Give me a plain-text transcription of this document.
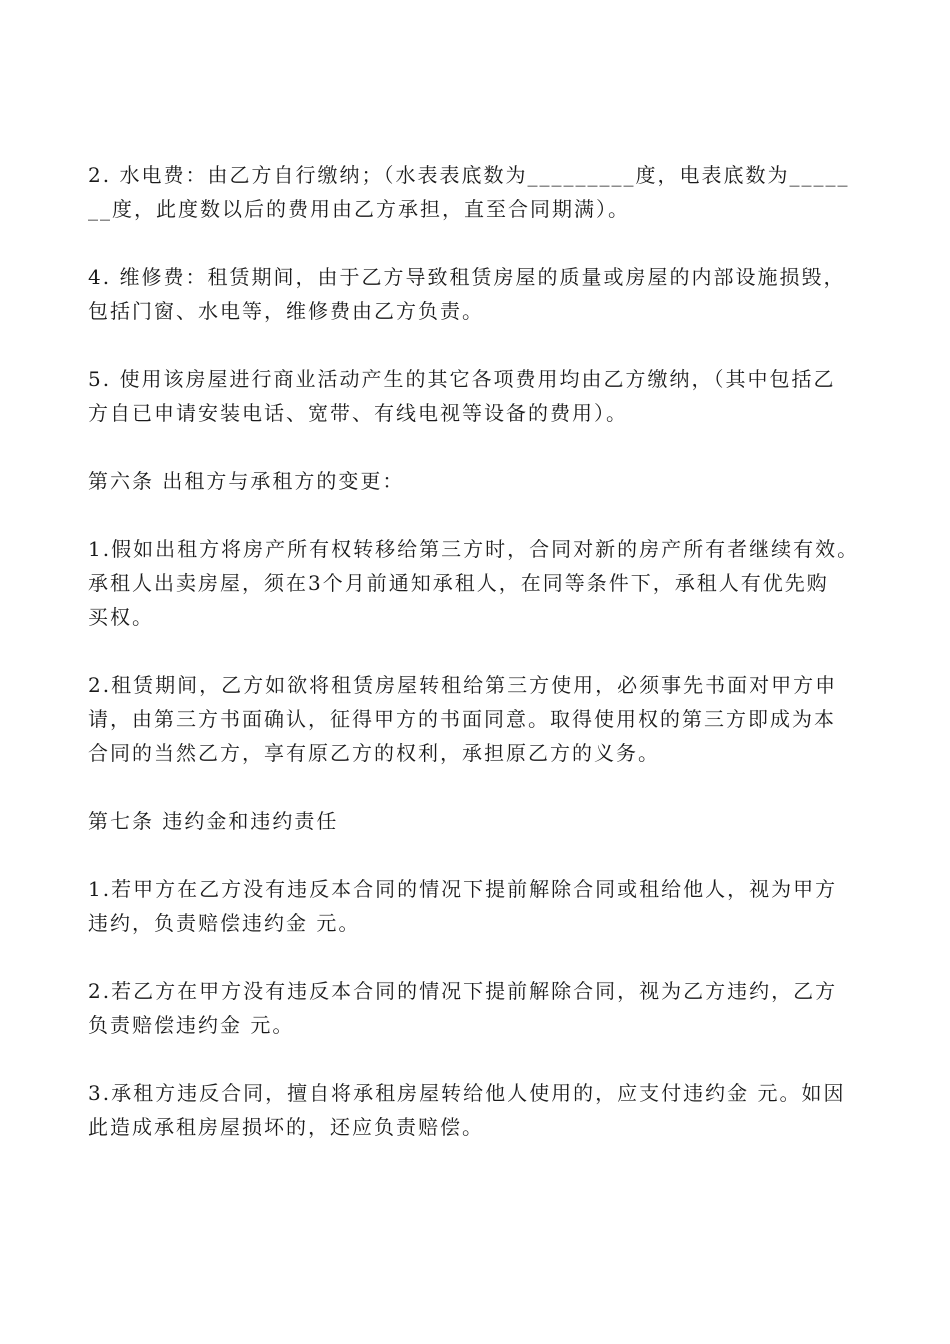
2. 水电费：由乙方自行缴纳；（水表表底数为_________度，电表底数为_____
__度，此度数以后的费用由乙方承担，直至合同期满）。

4. 维修费：租赁期间，由于乙方导致租赁房屋的质量或房屋的内部设施损毁，
包括门窗、水电等，维修费由乙方负责。

5. 使用该房屋进行商业活动产生的其它各项费用均由乙方缴纳，（其中包括乙
方自已申请安装电话、宽带、有线电视等设备的费用）。

第六条 出租方与承租方的变更：

1.假如出租方将房产所有权转移给第三方时，合同对新的房产所有者继续有效。
承租人出卖房屋，须在3个月前通知承租人，在同等条件下，承租人有优先购
买权。

2.租赁期间，乙方如欲将租赁房屋转租给第三方使用，必须事先书面对甲方申
请，由第三方书面确认，征得甲方的书面同意。取得使用权的第三方即成为本
合同的当然乙方，享有原乙方的权利，承担原乙方的义务。

第七条 违约金和违约责任

1.若甲方在乙方没有违反本合同的情况下提前解除合同或租给他人，视为甲方
违约，负责赔偿违约金 元。

2.若乙方在甲方没有违反本合同的情况下提前解除合同，视为乙方违约，乙方
负责赔偿违约金 元。

3.承租方违反合同，擅自将承租房屋转给他人使用的，应支付违约金 元。如因
此造成承租房屋损坏的，还应负责赔偿。
